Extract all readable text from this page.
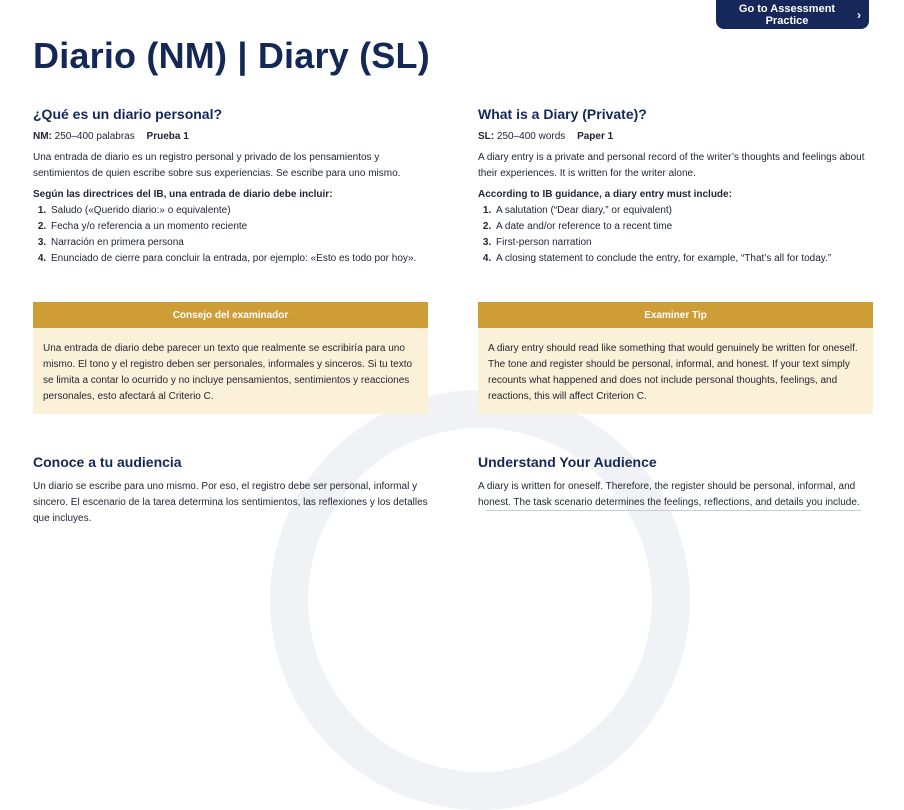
Go to Assessment Practice	›
Diario (NM) | Diary (SL)
¿Qué es un diario personal?
NM: 250–400 palabras Prueba 1

Una entrada de diario es un registro personal y privado de los pensamientos y sentimientos de quien escribe sobre sus experiencias. Se escribe para uno mismo.

Según las directrices del IB, una entrada de diario debe incluir:
1. Saludo («Querido diario:» o equivalente)
2. Fecha y/o referencia a un momento reciente
3. Narración en primera persona
4. Enunciado de cierre para concluir la entrada, por ejemplo: «Esto es todo por hoy».
What is a Diary (Private)?
SL: 250–400 words Paper 1

A diary entry is a private and personal record of the writer’s thoughts and feelings about their experiences. It is written for the writer alone.

According to IB guidance, a diary entry must include:
1. A salutation (“Dear diary,” or equivalent)
2. A date and/or reference to a recent time
3. First-person narration
4. A closing statement to conclude the entry, for example, “That’s all for today.”
Consejo del examinador
Una entrada de diario debe parecer un texto que realmente se escribiría para uno mismo. El tono y el registro deben ser personales, informales y sinceros. Si tu texto se limita a contar lo ocurrido y no incluye pensamientos, sentimientos y reacciones personales, esto afectará al Criterio C.
Examiner Tip
A diary entry should read like something that would genuinely be written for oneself. The tone and register should be personal, informal, and honest. If your text simply recounts what happened and does not include personal thoughts, feelings, and reactions, this will affect Criterion C.
Conoce a tu audiencia

Un diario se escribe para uno mismo. Por eso, el registro debe ser personal, informal y sincero. El escenario de la tarea determina los sentimientos, las reflexiones y los detalles que incluyes.

Understand Your Audience

A diary is written for oneself. Therefore, the register should be personal, informal, and honest. The task scenario determines the feelings, reflections, and details you include.
